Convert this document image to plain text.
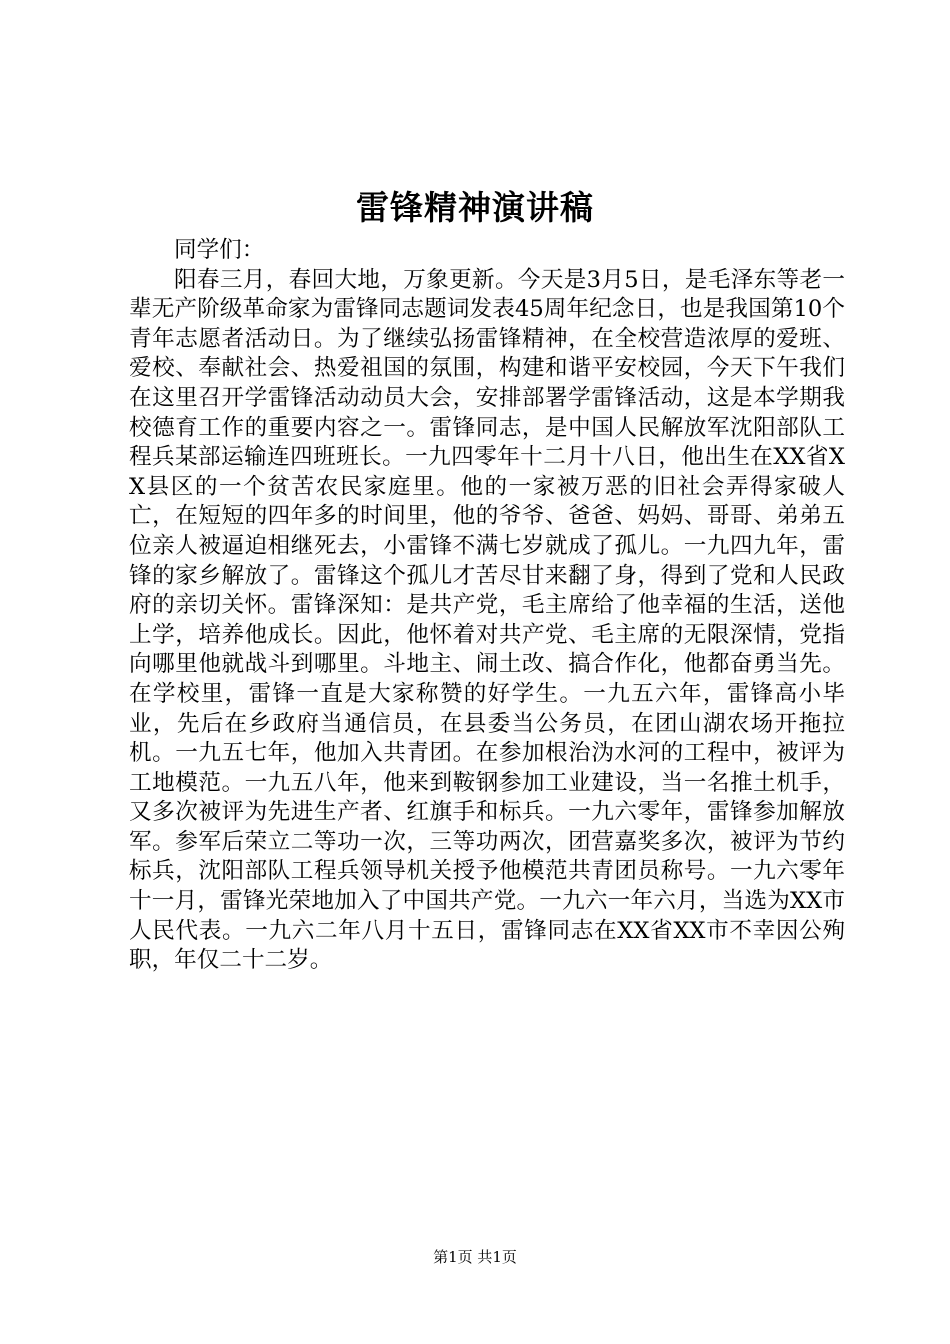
雷锋精神演讲稿

同学们：

阳春三月，春回大地，万象更新。今天是3月5日，是毛泽东等老一辈无产阶级革命家为雷锋同志题词发表45周年纪念日，也是我国第10个青年志愿者活动日。为了继续弘扬雷锋精神，在全校营造浓厚的爱班、爱校、奉献社会、热爱祖国的氛围，构建和谐平安校园，今天下午我们在这里召开学雷锋活动动员大会，安排部署学雷锋活动，这是本学期我校德育工作的重要内容之一。雷锋同志，是中国人民解放军沈阳部队工程兵某部运输连四班班长。一九四零年十二月十八日，他出生在XX省XX县区的一个贫苦农民家庭里。他的一家被万恶的旧社会弄得家破人亡，在短短的四年多的时间里，他的爷爷、爸爸、妈妈、哥哥、弟弟五位亲人被逼迫相继死去，小雷锋不满七岁就成了孤儿。一九四九年，雷锋的家乡解放了。雷锋这个孤儿才苦尽甘来翻了身，得到了党和人民政府的亲切关怀。雷锋深知：是共产党，毛主席给了他幸福的生活，送他上学，培养他成长。因此，他怀着对共产党、毛主席的无限深情，党指向哪里他就战斗到哪里。斗地主、闹土改、搞合作化，他都奋勇当先。在学校里，雷锋一直是大家称赞的好学生。一九五六年，雷锋高小毕业，先后在乡政府当通信员，在县委当公务员，在团山湖农场开拖拉机。一九五七年，他加入共青团。在参加根治沩水河的工程中，被评为工地模范。一九五八年，他来到鞍钢参加工业建设，当一名推土机手，又多次被评为先进生产者、红旗手和标兵。一九六零年，雷锋参加解放军。参军后荣立二等功一次，三等功两次，团营嘉奖多次，被评为节约标兵，沈阳部队工程兵领导机关授予他模范共青团员称号。一九六零年十一月，雷锋光荣地加入了中国共产党。一九六一年六月，当选为XX市人民代表。一九六二年八月十五日，雷锋同志在XX省XX市不幸因公殉职，年仅二十二岁。

第1页 共1页
